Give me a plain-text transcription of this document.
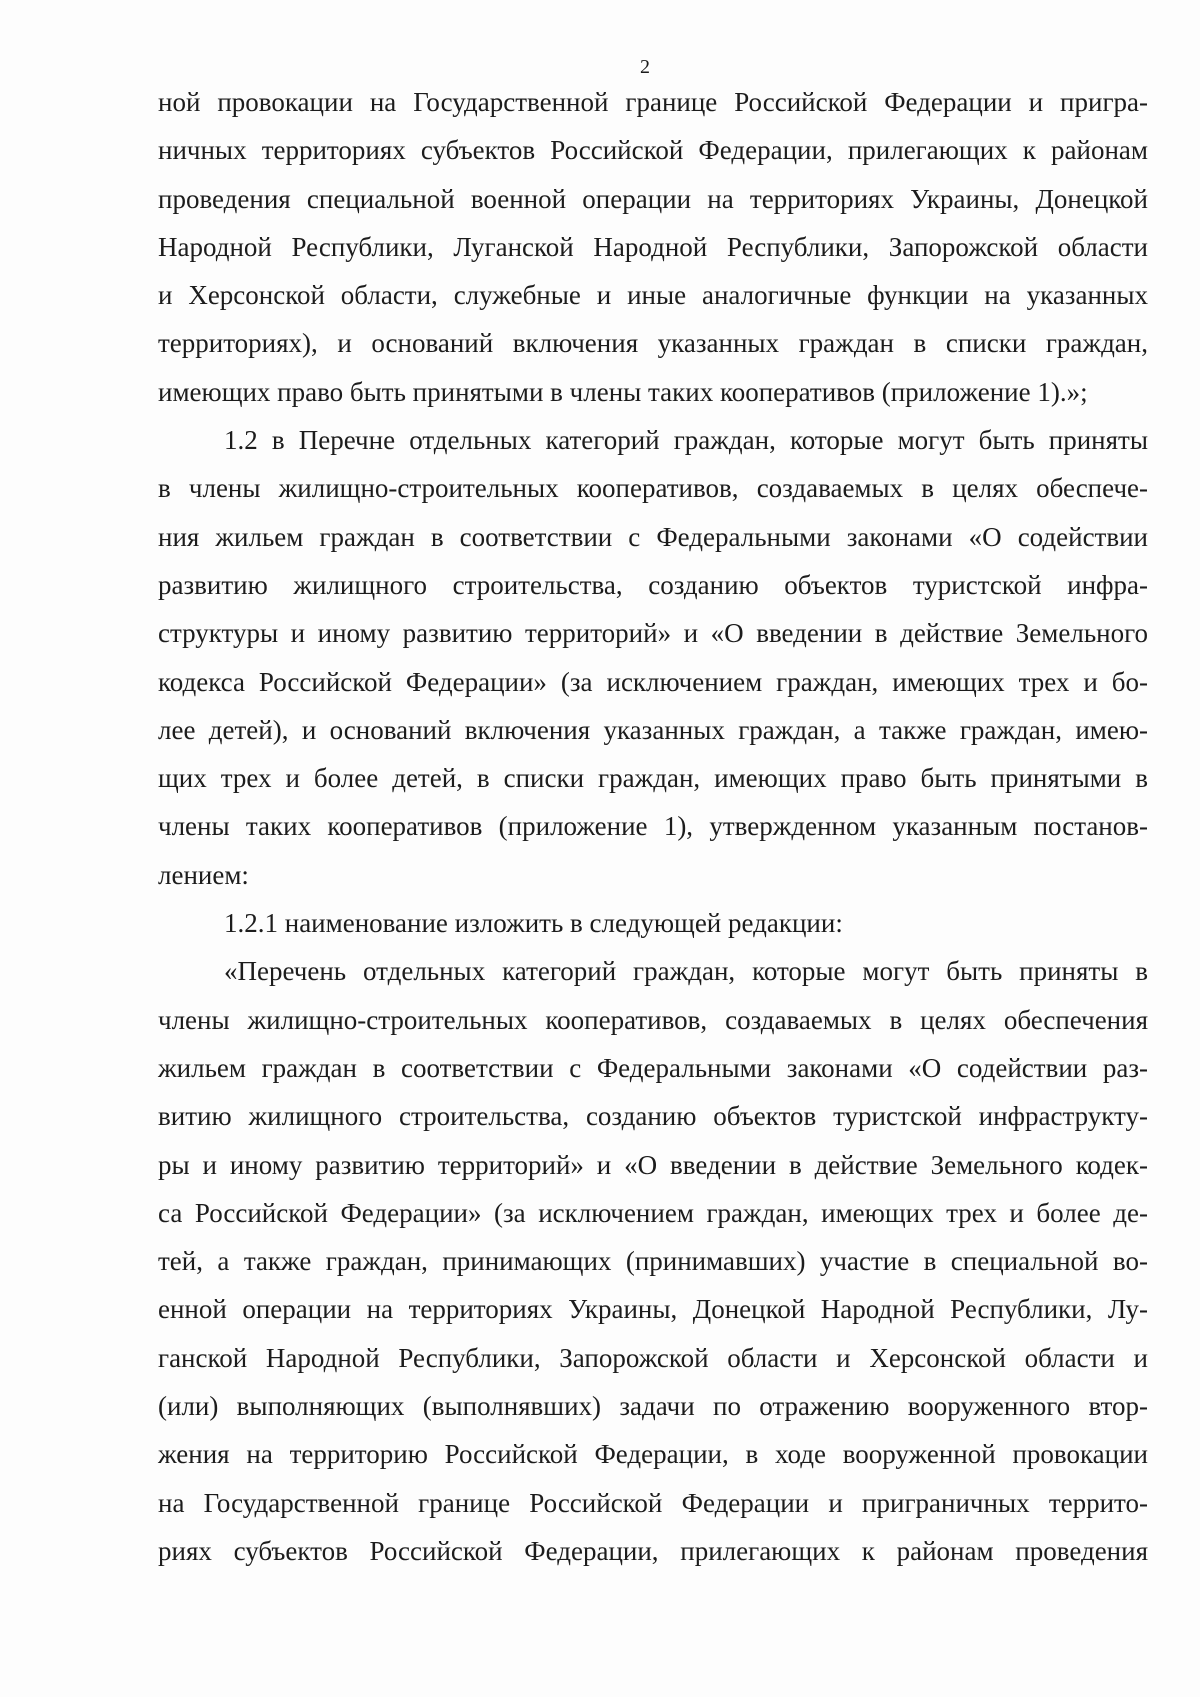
2
ной провокации на Государственной границе Российской Федерации и пригра-
ничных территориях субъектов Российской Федерации, прилегающих к районам
проведения специальной военной операции на территориях Украины, Донецкой
Народной Республики, Луганской Народной Республики, Запорожской области
и Херсонской области, служебные и иные аналогичные функции на указанных
территориях), и оснований включения указанных граждан в списки граждан,
имеющих право быть принятыми в члены таких кооперативов (приложение 1).»;
1.2 в Перечне отдельных категорий граждан, которые могут быть приняты
в члены жилищно-строительных кооперативов, создаваемых в целях обеспече-
ния жильем граждан в соответствии с Федеральными законами «О содействии
развитию жилищного строительства, созданию объектов туристской инфра-
структуры и иному развитию территорий» и «О введении в действие Земельного
кодекса Российской Федерации» (за исключением граждан, имеющих трех и бо-
лее детей), и оснований включения указанных граждан, а также граждан, имею-
щих трех и более детей, в списки граждан, имеющих право быть принятыми в
члены таких кооперативов (приложение 1), утвержденном указанным постанов-
лением:
1.2.1 наименование изложить в следующей редакции:
«Перечень отдельных категорий граждан, которые могут быть приняты в
члены жилищно-строительных кооперативов, создаваемых в целях обеспечения
жильем граждан в соответствии с Федеральными законами «О содействии раз-
витию жилищного строительства, созданию объектов туристской инфраструкту-
ры и иному развитию территорий» и «О введении в действие Земельного кодек-
са Российской Федерации» (за исключением граждан, имеющих трех и более де-
тей, а также граждан, принимающих (принимавших) участие в специальной во-
енной операции на территориях Украины, Донецкой Народной Республики, Лу-
ганской Народной Республики, Запорожской области и Херсонской области и
(или) выполняющих (выполнявших) задачи по отражению вооруженного втор-
жения на территорию Российской Федерации, в ходе вооруженной провокации
на Государственной границе Российской Федерации и приграничных террито-
риях субъектов Российской Федерации, прилегающих к районам проведения
